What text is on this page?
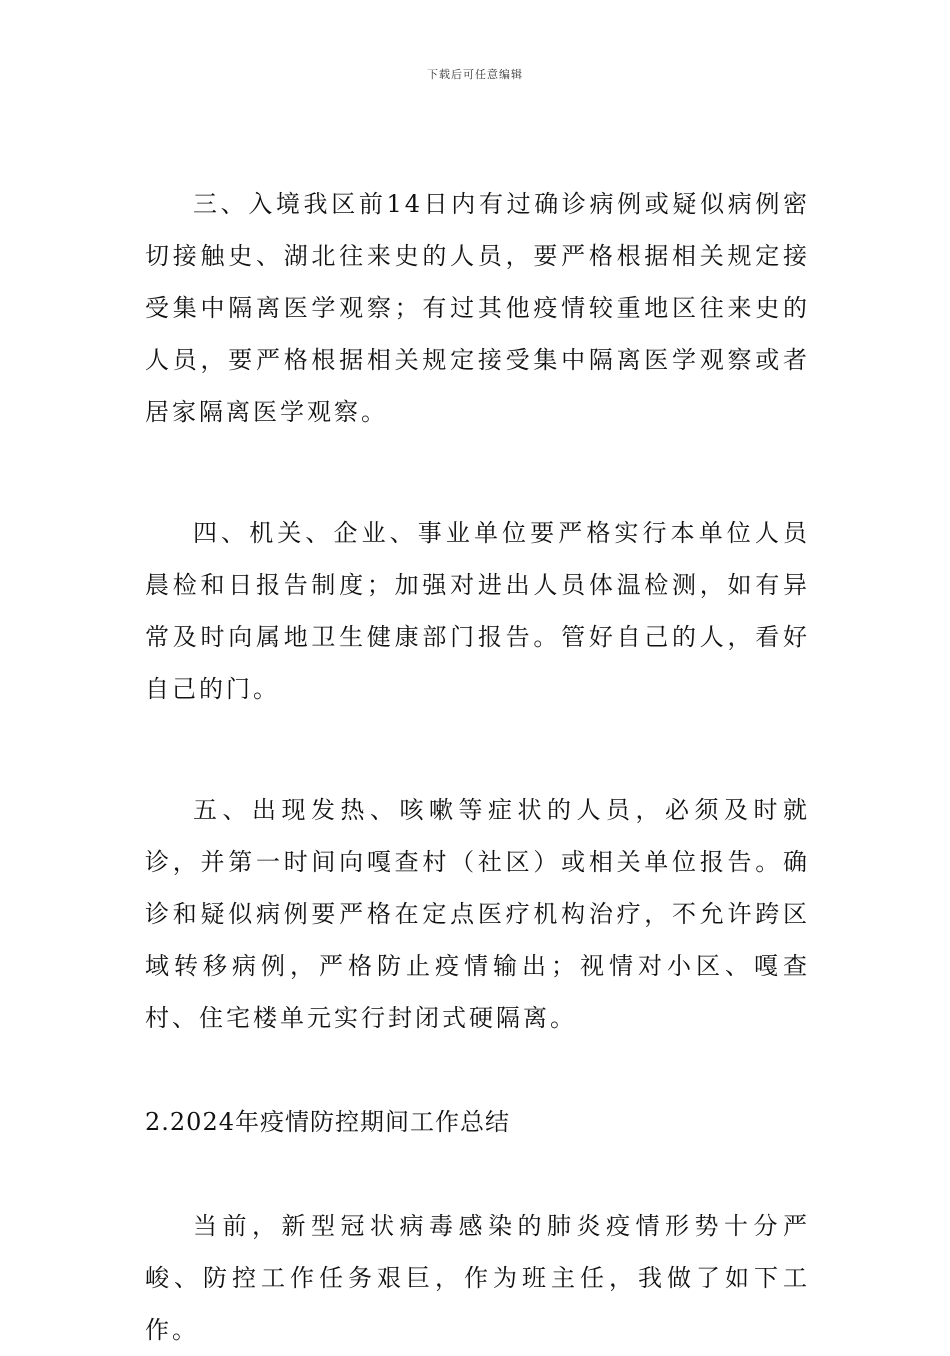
下载后可任意编辑

三、入境我区前14日内有过确诊病例或疑似病例密切接触史、湖北往来史的人员，要严格根据相关规定接受集中隔离医学观察；有过其他疫情较重地区往来史的人员，要严格根据相关规定接受集中隔离医学观察或者居家隔离医学观察。

四、机关、企业、事业单位要严格实行本单位人员晨检和日报告制度；加强对进出人员体温检测，如有异常及时向属地卫生健康部门报告。管好自己的人，看好自己的门。

五、出现发热、咳嗽等症状的人员，必须及时就诊，并第一时间向嘎查村（社区）或相关单位报告。确诊和疑似病例要严格在定点医疗机构治疗，不允许跨区域转移病例，严格防止疫情输出；视情对小区、嘎查村、住宅楼单元实行封闭式硬隔离。

2.2024年疫情防控期间工作总结

当前，新型冠状病毒感染的肺炎疫情形势十分严峻、防控工作任务艰巨，作为班主任，我做了如下工作。
